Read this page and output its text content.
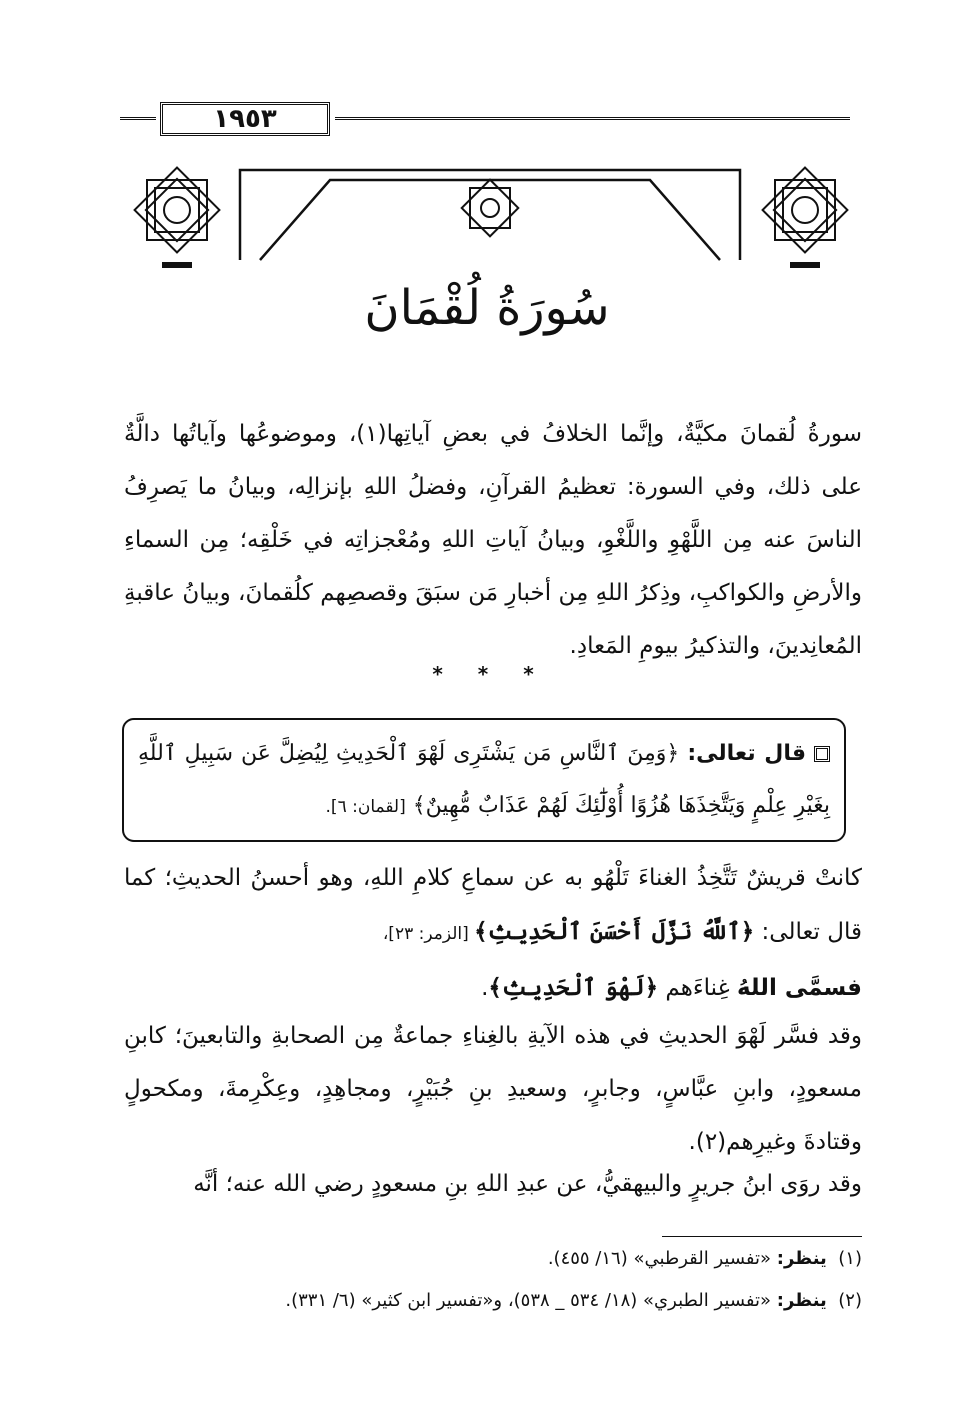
١٩٥٣
سُورَةُ لُقْمَانَ

سورةُ لُقمانَ مكيَّةٌ، وإنَّما الخلافُ في بعضِ آياتِها(١)، وموضوعُها وآياتُها دالَّةٌ على ذلك، وفي السورة: تعظيمُ القرآنِ، وفضلُ اللهِ بإنزالِه، وبيانُ ما يَصرِفُ الناسَ عنه مِن اللَّهْوِ واللَّغْوِ، وبيانُ آياتِ اللهِ ومُعْجزاتِه في خَلْقِه؛ مِن السماءِ والأرضِ والكواكبِ، وذِكرُ اللهِ مِن أخبارِ مَن سبَقَ وقصصِهم كلُقمانَ، وبيانُ عاقبةِ المُعانِدينَ، والتذكيرُ بيومِ المَعادِ.

* * *
قال تعالى: ﴿وَمِنَ ٱلنَّاسِ مَن يَشْتَرِى لَهْوَ ٱلْحَدِيثِ لِيُضِلَّ عَن سَبِيلِ ٱللَّهِ بِغَيْرِ عِلْمٍ وَيَتَّخِذَهَا هُزُوًا أُوْلَٰٓئِكَ لَهُمْ عَذَابٌ مُّهِينٌ﴾ [لقمان: ٦].

كانتْ قريشٌ تَتَّخِذُ الغناءَ تَلْهُو به عن سماعِ كلامِ اللهِ، وهو أحسنُ الحديثِ؛ كما قال تعالى: ﴿ٱللَّهُ نَزَّلَ أَحْسَنَ ٱلْحَدِيثِ﴾ [الزمر: ٢٣]،
فسمَّى اللهُ غِناءَهم ﴿لَهْوَ ٱلْحَدِيثِ﴾.

وقد فسَّر لَهْوَ الحديثِ في هذه الآيةِ بالغِناءِ جماعةٌ مِن الصحابةِ والتابعينَ؛ كابنِ مسعودٍ، وابنِ عبَّاسٍ، وجابرٍ، وسعيدِ بنِ جُبَيْرٍ، ومجاهِدٍ، وعِكْرِمةَ، ومكحولٍ وقتادةَ وغيرِهم(٢).

وقد روَى ابنُ جريرٍ والبيهقيُّ، عن عبدِ اللهِ بنِ مسعودٍ رضي الله عنه؛ أنَّه

(١)  ينظر: «تفسير القرطبي» (١٦/ ٤٥٥).

(٢)  ينظر: «تفسير الطبري» (١٨/ ٥٣٤ _ ٥٣٨)، و«تفسير ابن كثير» (٦/ ٣٣١).
